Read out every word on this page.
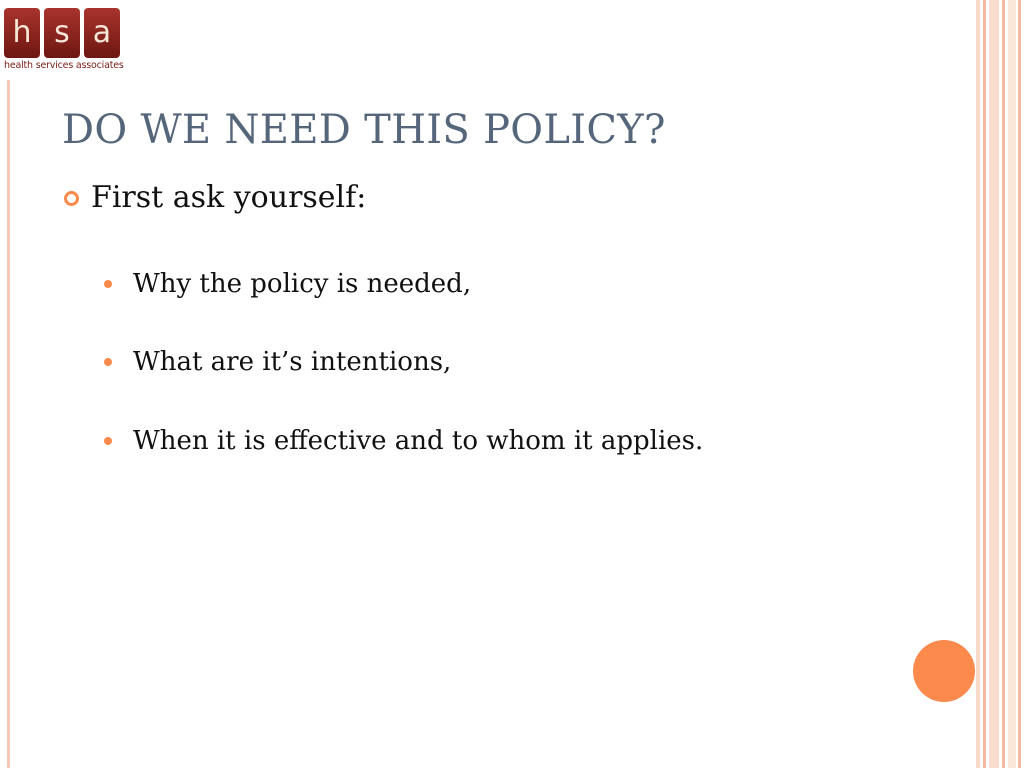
h s a
health services associates
DO WE NEED THIS POLICY?
First ask yourself:
Why the policy is needed,
What are it’s intentions,
When it is effective and to whom it applies.
